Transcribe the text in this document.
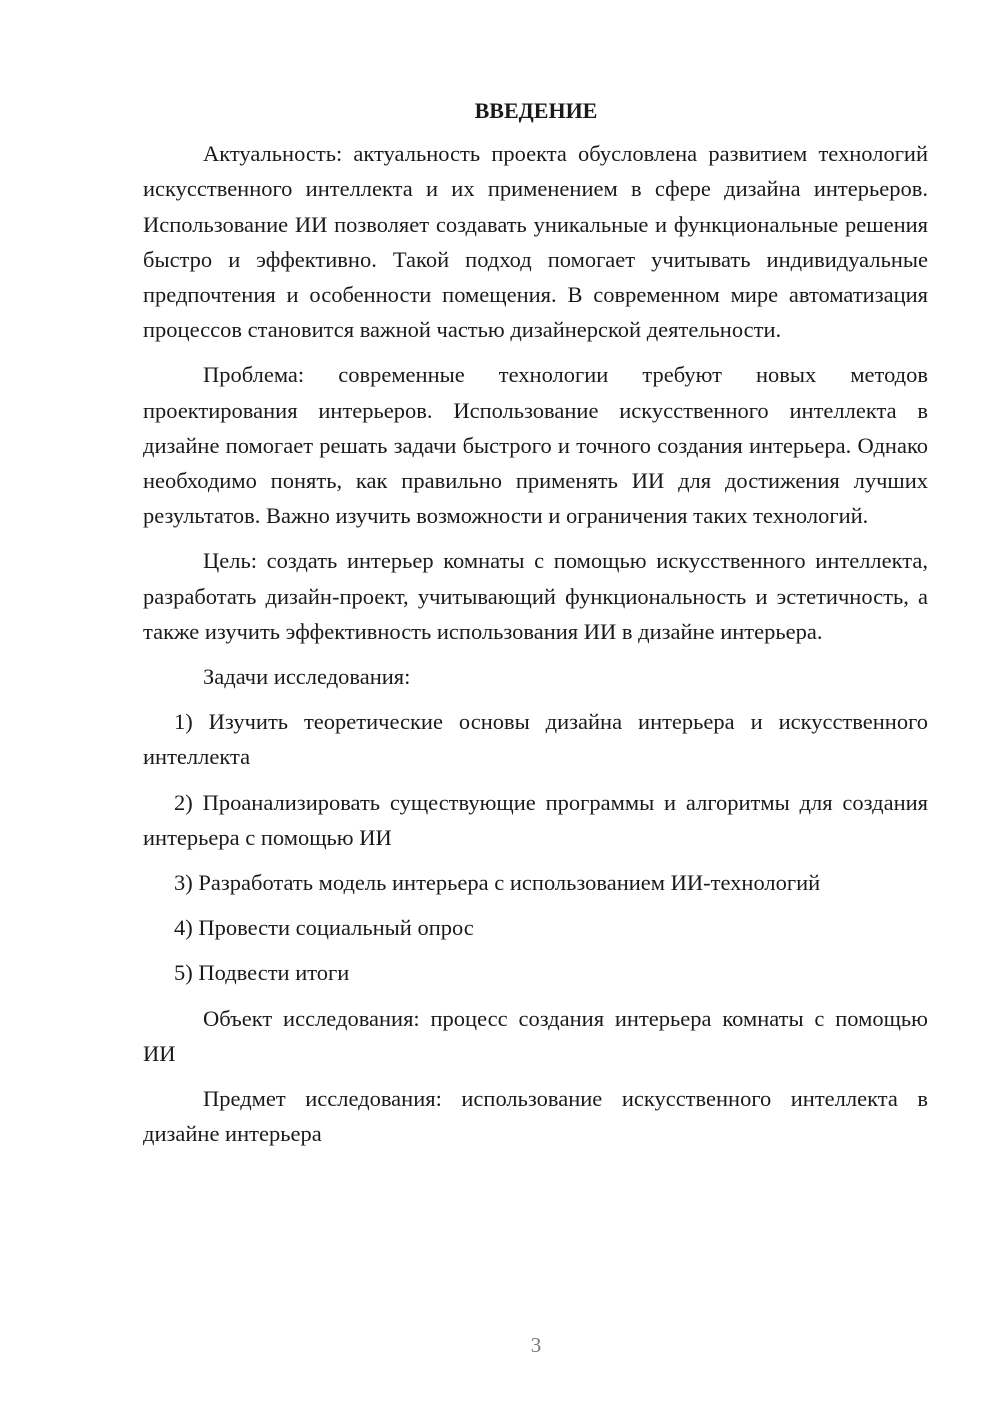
ВВЕДЕНИЕ

Актуальность: актуальность проекта обусловлена развитием технологий искусственного интеллекта и их применением в сфере дизайна интерьеров. Использование ИИ позволяет создавать уникальные и функциональные решения быстро и эффективно. Такой подход помогает учитывать индивидуальные предпочтения и особенности помещения. В современном мире автоматизация процессов становится важной частью дизайнерской деятельности.

Проблема: современные технологии требуют новых методов проектирования интерьеров. Использование искусственного интеллекта в дизайне помогает решать задачи быстрого и точного создания интерьера. Однако необходимо понять, как правильно применять ИИ для достижения лучших результатов. Важно изучить возможности и ограничения таких технологий.

Цель: создать интерьер комнаты с помощью искусственного интеллекта, разработать дизайн-проект, учитывающий функциональность и эстетичность, а также изучить эффективность использования ИИ в дизайне интерьера.

Задачи исследования:

1) Изучить теоретические основы дизайна интерьера и искусственного интеллекта

2) Проанализировать существующие программы и алгоритмы для создания интерьера с помощью ИИ

3) Разработать модель интерьера с использованием ИИ-технологий

4) Провести социальный опрос

5) Подвести итоги

Объект исследования: процесс создания интерьера комнаты с помощью ИИ

Предмет исследования: использование искусственного интеллекта в дизайне интерьера

3
